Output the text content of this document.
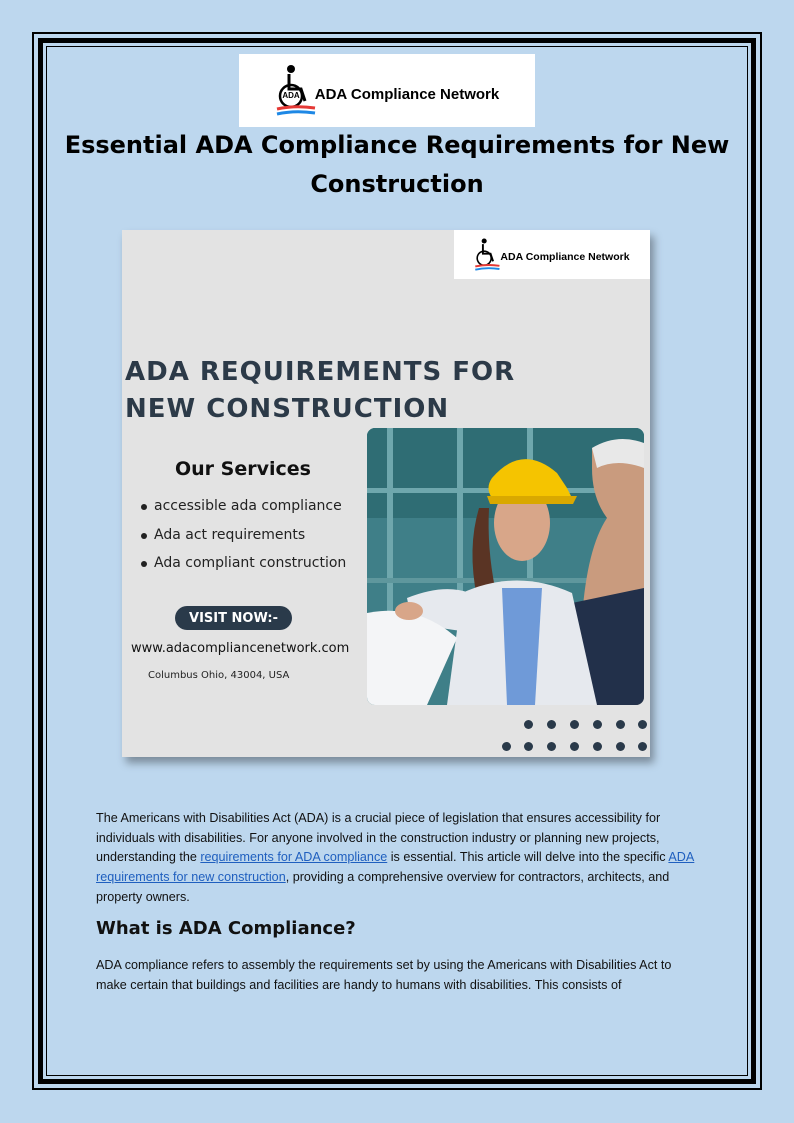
ADA ADA Compliance Network
Essential ADA Compliance Requirements for New
Construction
ADA Compliance Network
ADA REQUIREMENTS FOR
NEW CONSTRUCTION
Our Services
accessible ada compliance
Ada act requirements
Ada compliant construction
VISIT NOW:-
www.adacompliancenetwork.com
Columbus Ohio, 43004, USA
The Americans with Disabilities Act (ADA) is a crucial piece of legislation that ensures accessibility for individuals with disabilities. For anyone involved in the construction industry or planning new projects, understanding the requirements for ADA compliance is essential. This article will delve into the specific ADA requirements for new construction, providing a comprehensive overview for contractors, architects, and property owners.
What is ADA Compliance?
ADA compliance refers to assembly the requirements set by using the Americans with Disabilities Act to make certain that buildings and facilities are handy to humans with disabilities. This consists of
